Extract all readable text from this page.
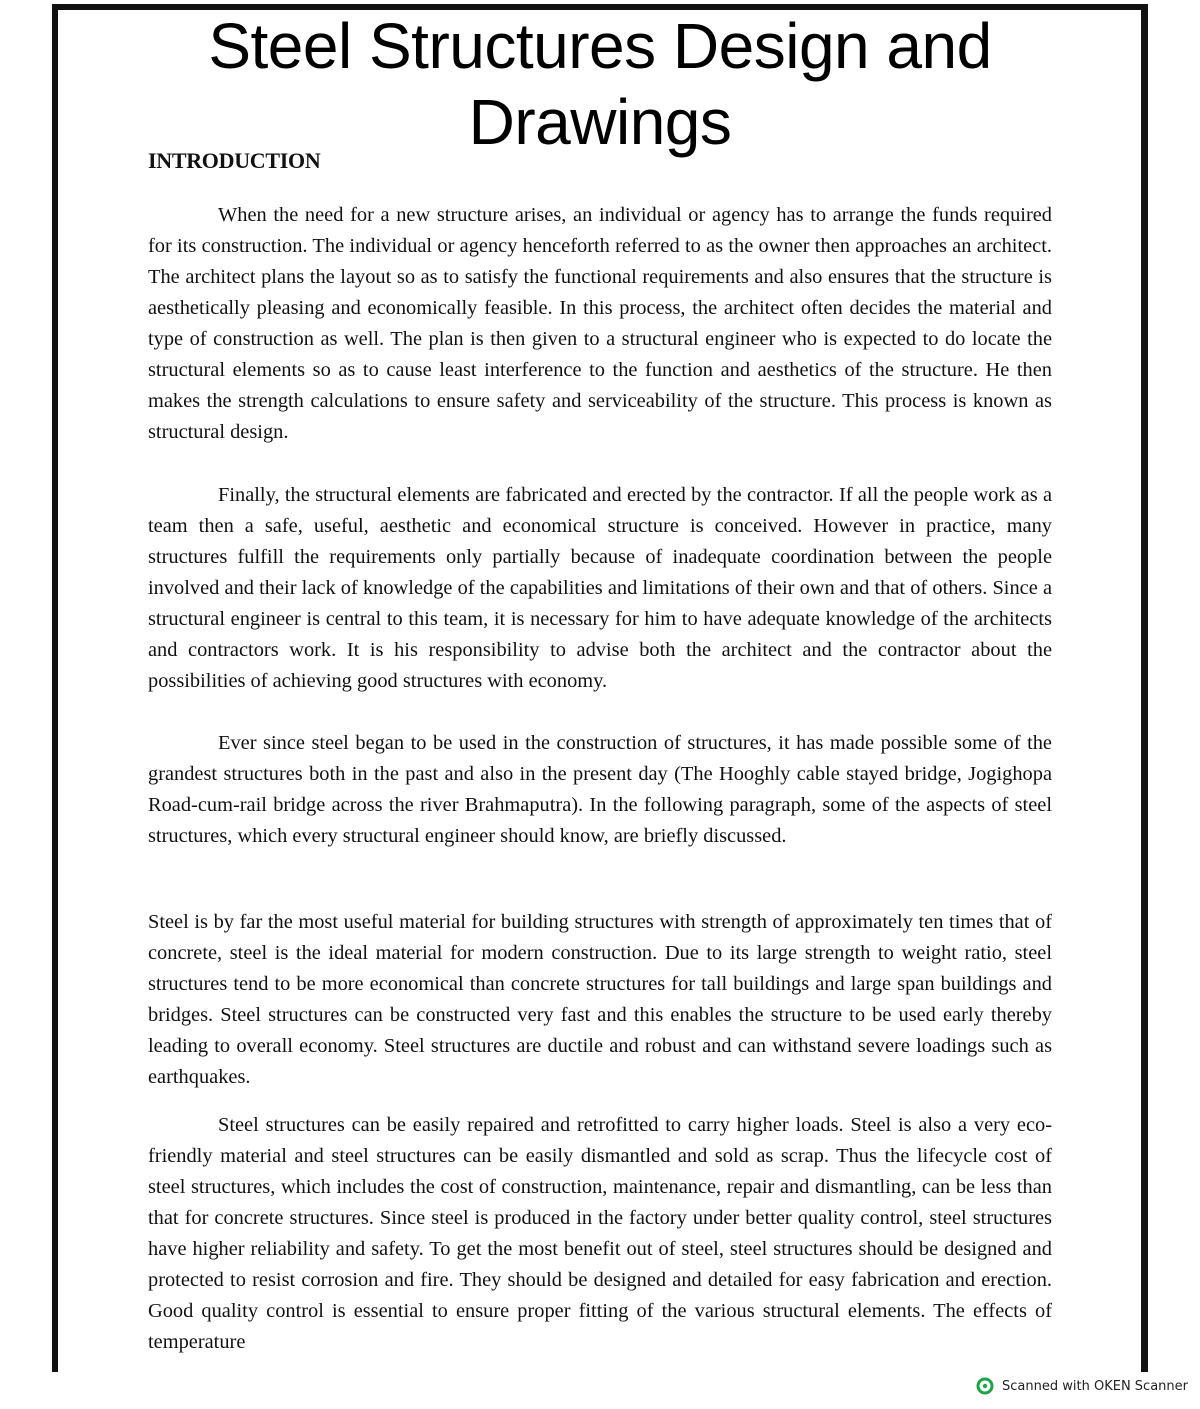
Steel Structures Design and
Drawings
INTRODUCTION

When the need for a new structure arises, an individual or agency has to arrange the funds required for its construction. The individual or agency henceforth referred to as the owner then approaches an architect. The architect plans the layout so as to satisfy the functional requirements and also ensures that the structure is aesthetically pleasing and economically feasible. In this process, the architect often decides the material and type of construction as well. The plan is then given to a structural engineer who is expected to do locate the structural elements so as to cause least interference to the function and aesthetics of the structure. He then makes the strength calculations to ensure safety and serviceability of the structure. This process is known as structural design.

Finally, the structural elements are fabricated and erected by the contractor. If all the people work as a team then a safe, useful, aesthetic and economical structure is conceived. However in practice, many structures fulfill the requirements only partially because of inadequate coordination between the people involved and their lack of knowledge of the capabilities and limitations of their own and that of others. Since a structural engineer is central to this team, it is necessary for him to have adequate knowledge of the architects and contractors work. It is his responsibility to advise both the architect and the contractor about the possibilities of achieving good structures with economy.

Ever since steel began to be used in the construction of structures, it has made possible some of the grandest structures both in the past and also in the present day (The Hooghly cable stayed bridge, Jogighopa Road-cum-rail bridge across the river Brahmaputra). In the following paragraph, some of the aspects of steel structures, which every structural engineer should know, are briefly discussed.

Steel is by far the most useful material for building structures with strength of approximately ten times that of concrete, steel is the ideal material for modern construction. Due to its large strength to weight ratio, steel structures tend to be more economical than concrete structures for tall buildings and large span buildings and bridges. Steel structures can be constructed very fast and this enables the structure to be used early thereby leading to overall economy. Steel structures are ductile and robust and can withstand severe loadings such as earthquakes.

Steel structures can be easily repaired and retrofitted to carry higher loads. Steel is also a very eco-friendly material and steel structures can be easily dismantled and sold as scrap. Thus the lifecycle cost of steel structures, which includes the cost of construction, maintenance, repair and dismantling, can be less than that for concrete structures. Since steel is produced in the factory under better quality control, steel structures have higher reliability and safety. To get the most benefit out of steel, steel structures should be designed and protected to resist corrosion and fire. They should be designed and detailed for easy fabrication and erection. Good quality control is essential to ensure proper fitting of the various structural elements. The effects of temperature

Scanned with OKEN Scanner
